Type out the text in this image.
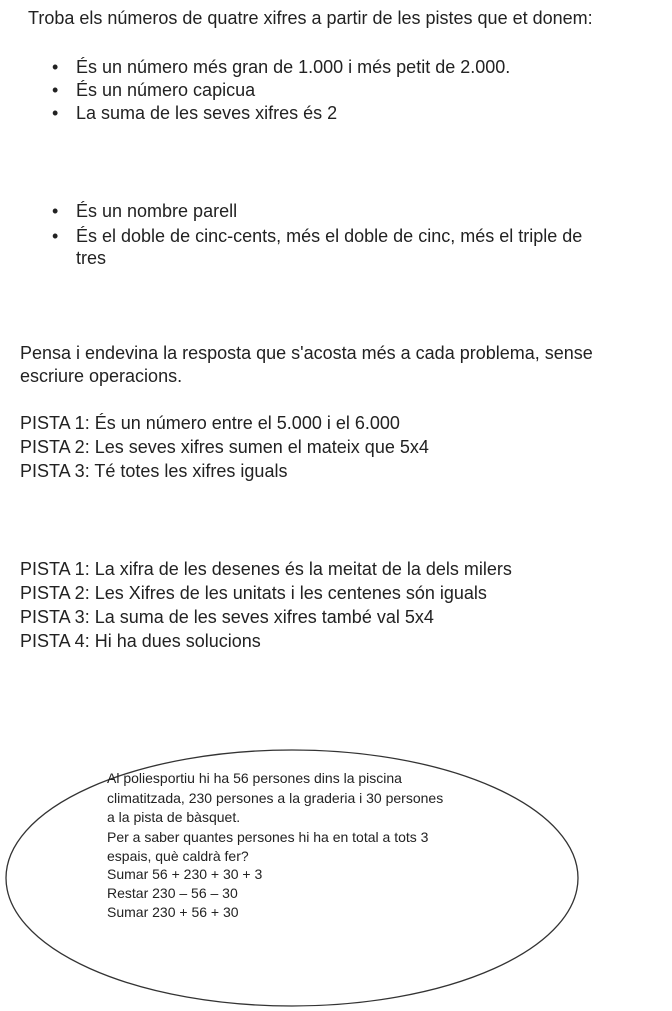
Troba els números de quatre xifres a partir de les pistes que et donem:
• És un número més gran de 1.000 i més petit de 2.000.
• És un número capicua
• La suma de les seves xifres és 2
• És un nombre parell
• És el doble de cinc-cents, més el doble de cinc, més el triple de
tres
Pensa i endevina la resposta que s'acosta més a cada problema, sense
escriure operacions.
PISTA 1: És un número entre el 5.000 i el 6.000
PISTA 2: Les seves xifres sumen el mateix que 5x4
PISTA 3: Té totes les xifres iguals
PISTA 1: La xifra de les desenes és la meitat de la dels milers
PISTA 2: Les Xifres de les unitats i les centenes són iguals
PISTA 3: La suma de les seves xifres també val 5x4
PISTA 4: Hi ha dues solucions
Al poliesportiu hi ha 56 persones dins la piscina
climatitzada, 230 persones a la graderia i 30 persones
a la pista de bàsquet.
Per a saber quantes persones hi ha en total a tots 3
espais, què caldrà fer?
Sumar 56 + 230 + 30 + 3
Restar 230 – 56 – 30
Sumar 230 + 56 + 30
